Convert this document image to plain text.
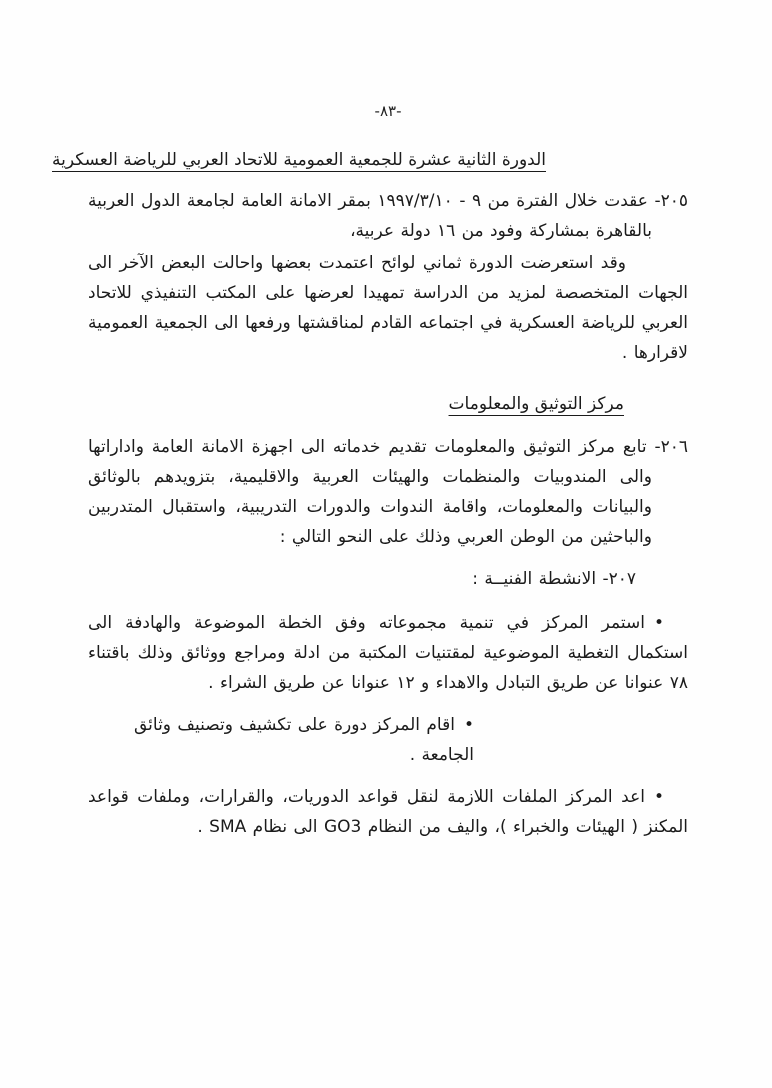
-٨٣-
الدورة الثانية عشرة للجمعية العمومية للاتحاد العربي للرياضة العسكرية

٢٠٥- عقدت خلال الفترة من ٩ - ١٩٩٧/٣/١٠ بمقر الامانة العامة لجامعة الدول العربية بالقاهرة بمشاركة وفود من ١٦ دولة عربية،

وقد استعرضت الدورة ثماني لوائح اعتمدت بعضها واحالت البعض الآخر الى الجهات المتخصصة لمزيد من الدراسة تمهيدا لعرضها على المكتب التنفيذي للاتحاد العربي للرياضة العسكرية في اجتماعه القادم لمناقشتها ورفعها الى الجمعية العمومية لاقرارها .

مركز التوثيق والمعلومات

٢٠٦- تابع مركز التوثيق والمعلومات تقديم خدماته الى اجهزة الامانة العامة واداراتها والى المندوبيات والمنظمات والهيئات العربية والاقليمية، بتزويدهم بالوثائق والبيانات والمعلومات، واقامة الندوات والدورات التدريبية، واستقبال المتدربين والباحثين من الوطن العربي وذلك على النحو التالي :

٢٠٧- الانشطة الفنيــة :

•استمر المركز في تنمية مجموعاته وفق الخطة الموضوعة والهادفة الى استكمال التغطية الموضوعية لمقتنيات المكتبة من ادلة ومراجع ووثائق وذلك باقتناء ٧٨ عنوانا عن طريق التبادل والاهداء و ١٢ عنوانا عن طريق الشراء .

•اقام المركز دورة على تكشيف وتصنيف وثائق الجامعة .

•اعد المركز الملفات اللازمة لنقل قواعد الدوريات، والقرارات، وملفات قواعد المكنز ( الهيئات والخبراء )، واليف من النظام GO3 الى نظام SMA .
